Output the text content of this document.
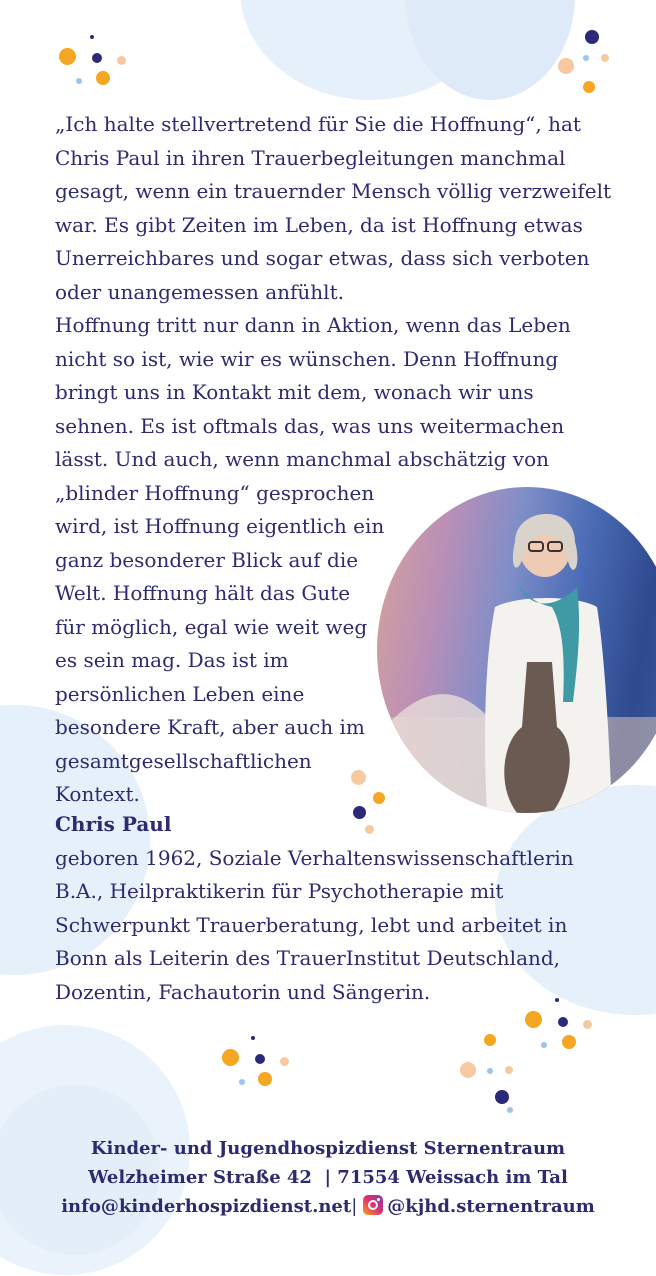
„Ich halte stellvertretend für Sie die Hoffnung“, hat Chris Paul in ihren Trauerbegleitungen manchmal gesagt, wenn ein trauernder Mensch völlig verzweifelt war. Es gibt Zeiten im Leben, da ist Hoffnung etwas Unerreichbares und sogar etwas, dass sich verboten oder unangemessen anfühlt.

Hoffnung tritt nur dann in Aktion, wenn das Leben nicht so ist, wie wir es wünschen. Denn Hoffnung bringt uns in Kontakt mit dem, wonach wir uns sehnen. Es ist oftmals das, was uns weitermachen lässt. Und auch, wenn manchmal abschätzig von

„blinder Hoffnung“ gesprochen wird, ist Hoffnung eigentlich ein ganz besonderer Blick auf die Welt. Hoffnung hält das Gute für möglich, egal wie weit weg es sein mag. Das ist im persönlichen Leben eine besondere Kraft, aber auch im gesamtgesellschaftlichen Kontext.

Chris Paul

geboren 1962, Soziale Verhaltenswissenschaftlerin B.A., Heilpraktikerin für Psychotherapie mit Schwerpunkt Trauerberatung, lebt und arbeitet in Bonn als Leiterin des TrauerInstitut Deutschland, Dozentin, Fachautorin und Sängerin.

Kinder- und Jugendhospizdienst Sternentraum
Welzheimer Straße 42  | 71554 Weissach im Tal
info@kinderhospizdienst.net| @kjhd.sternentraum
